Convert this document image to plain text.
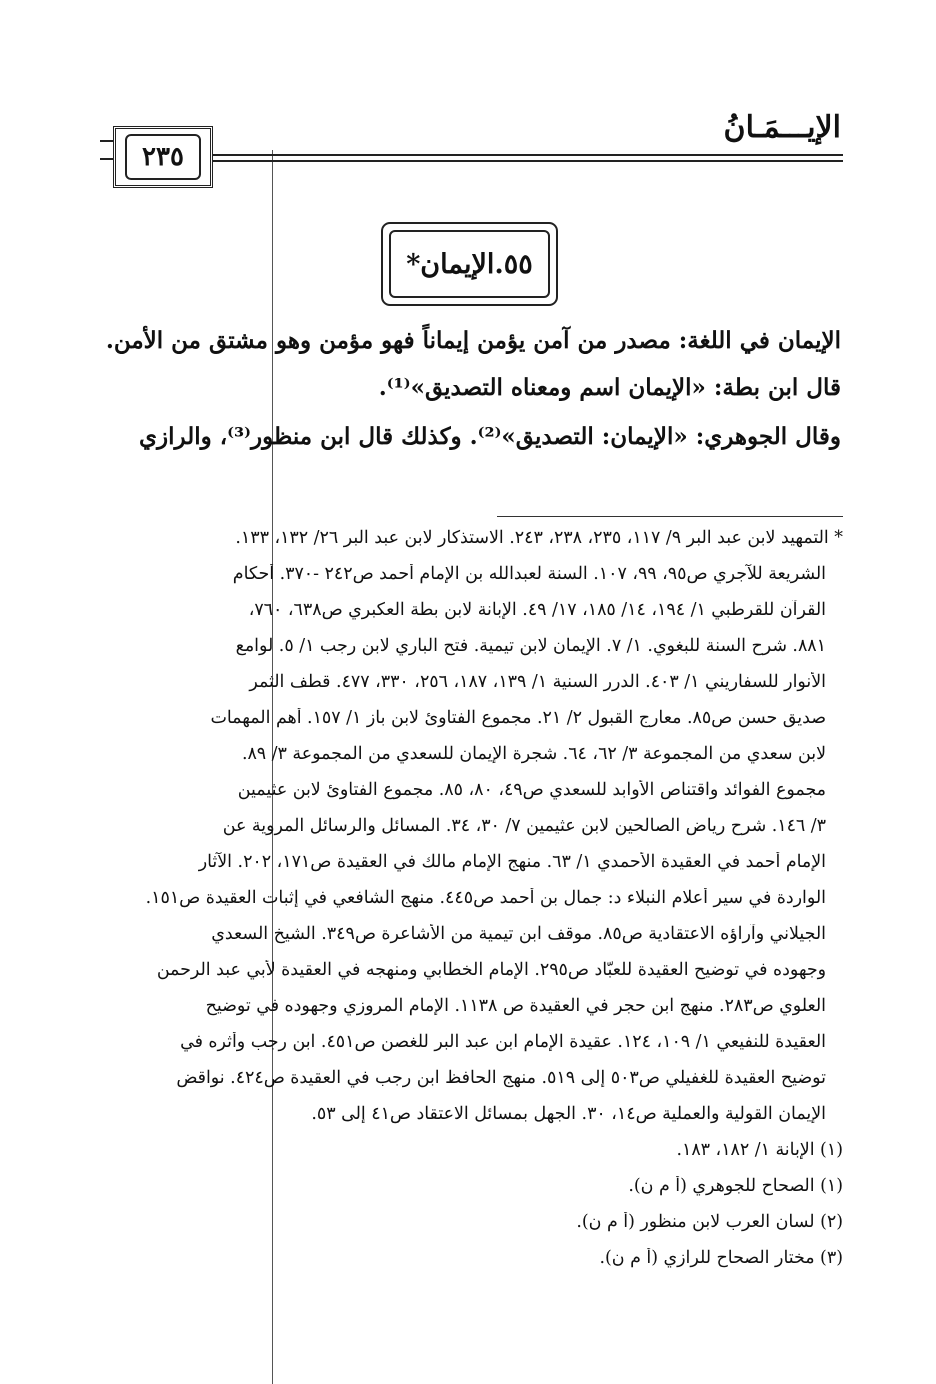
الإيـــمَـانُ
٢٣٥
٥٥.الإيمان*
الإيمان في اللغة: مصدر من آمن يؤمن إيماناً فهو مؤمن وهو مشتق من الأمن.
قال ابن بطة: «الإيمان اسم ومعناه التصديق»⁽¹⁾.
وقال الجوهري: «الإيمان: التصديق»⁽²⁾. وكذلك قال ابن منظور⁽³⁾، والرازي
* التمهيد لابن عبد البر ٩/ ١١٧، ٢٣٥، ٢٣٨، ٢٤٣. الاستذكار لابن عبد البر ٢٦/ ١٣٢، ١٣٣.
الشريعة للآجري ص٩٥، ٩٩، ١٠٧. السنة لعبدالله بن الإمام أحمد ص٢٤٢ -٣٧٠. أحكام
القرآن للقرطبي ١/ ١٩٤، ١٤/ ١٨٥، ١٧/ ٤٩. الإبانة لابن بطة العكبري ص٦٣٨، ٧٦٠،
٨٨١. شرح السنة للبغوي. ١/ ٧. الإيمان لابن تيمية. فتح الباري لابن رجب ١/ ٥. لوامع
الأنوار للسفاريني ١/ ٤٠٣. الدرر السنية ١/ ١٣٩، ١٨٧، ٢٥٦، ٣٣٠، ٤٧٧. قطف الثمر
صديق حسن ص٨٥. معارج القبول ٢/ ٢١. مجموع الفتاوئ لابن باز ١/ ١٥٧. أهم المهمات
لابن سعدي من المجموعة ٣/ ٦٢، ٦٤. شجرة الإيمان للسعدي من المجموعة ٣/ ٨٩.
مجموع الفوائد واقتناص الأوابد للسعدي ص٤٩، ٨٠، ٨٥. مجموع الفتاوئ لابن عثيمين
٣/ ١٤٦. شرح رياض الصالحين لابن عثيمين ٧/ ٣٠، ٣٤. المسائل والرسائل المروية عن
الإمام أحمد في العقيدة الأحمدي ١/ ٦٣. منهج الإمام مالك في العقيدة ص١٧١، ٢٠٢. الآثار
الواردة في سير أعلام النبلاء د: جمال بن أحمد ص٤٤٥. منهج الشافعي في إثبات العقيدة ص١٥١.
الجيلاني وآراؤه الاعتقادية ص٨٥. موقف ابن تيمية من الأشاعرة ص٣٤٩. الشيخ السعدي
وجهوده في توضيح العقيدة للعبّاد ص٢٩٥. الإمام الخطابي ومنهجه في العقيدة لأبي عبد الرحمن
العلوي ص٢٨٣. منهج ابن حجر في العقيدة ص ١١٣٨. الإمام المروزي وجهوده في توضيح
العقيدة للنفيعي ١/ ١٠٩، ١٢٤. عقيدة الإمام ابن عبد البر للغصن ص٤٥١. ابن رجب وأثره في
توضيح العقيدة للغفيلي ص٥٠٣ إلى ٥١٩. منهج الحافظ ابن رجب في العقيدة ص٤٢٤. نواقض
الإيمان القولية والعملية ص١٤، ٣٠. الجهل بمسائل الاعتقاد ص٤١ إلى ٥٣.
(١) الإبانة ١/ ١٨٢، ١٨٣.
(١) الصحاح للجوهري (أ م ن).
(٢) لسان العرب لابن منظور (أ م ن).
(٣) مختار الصحاح للرازي (أ م ن).
